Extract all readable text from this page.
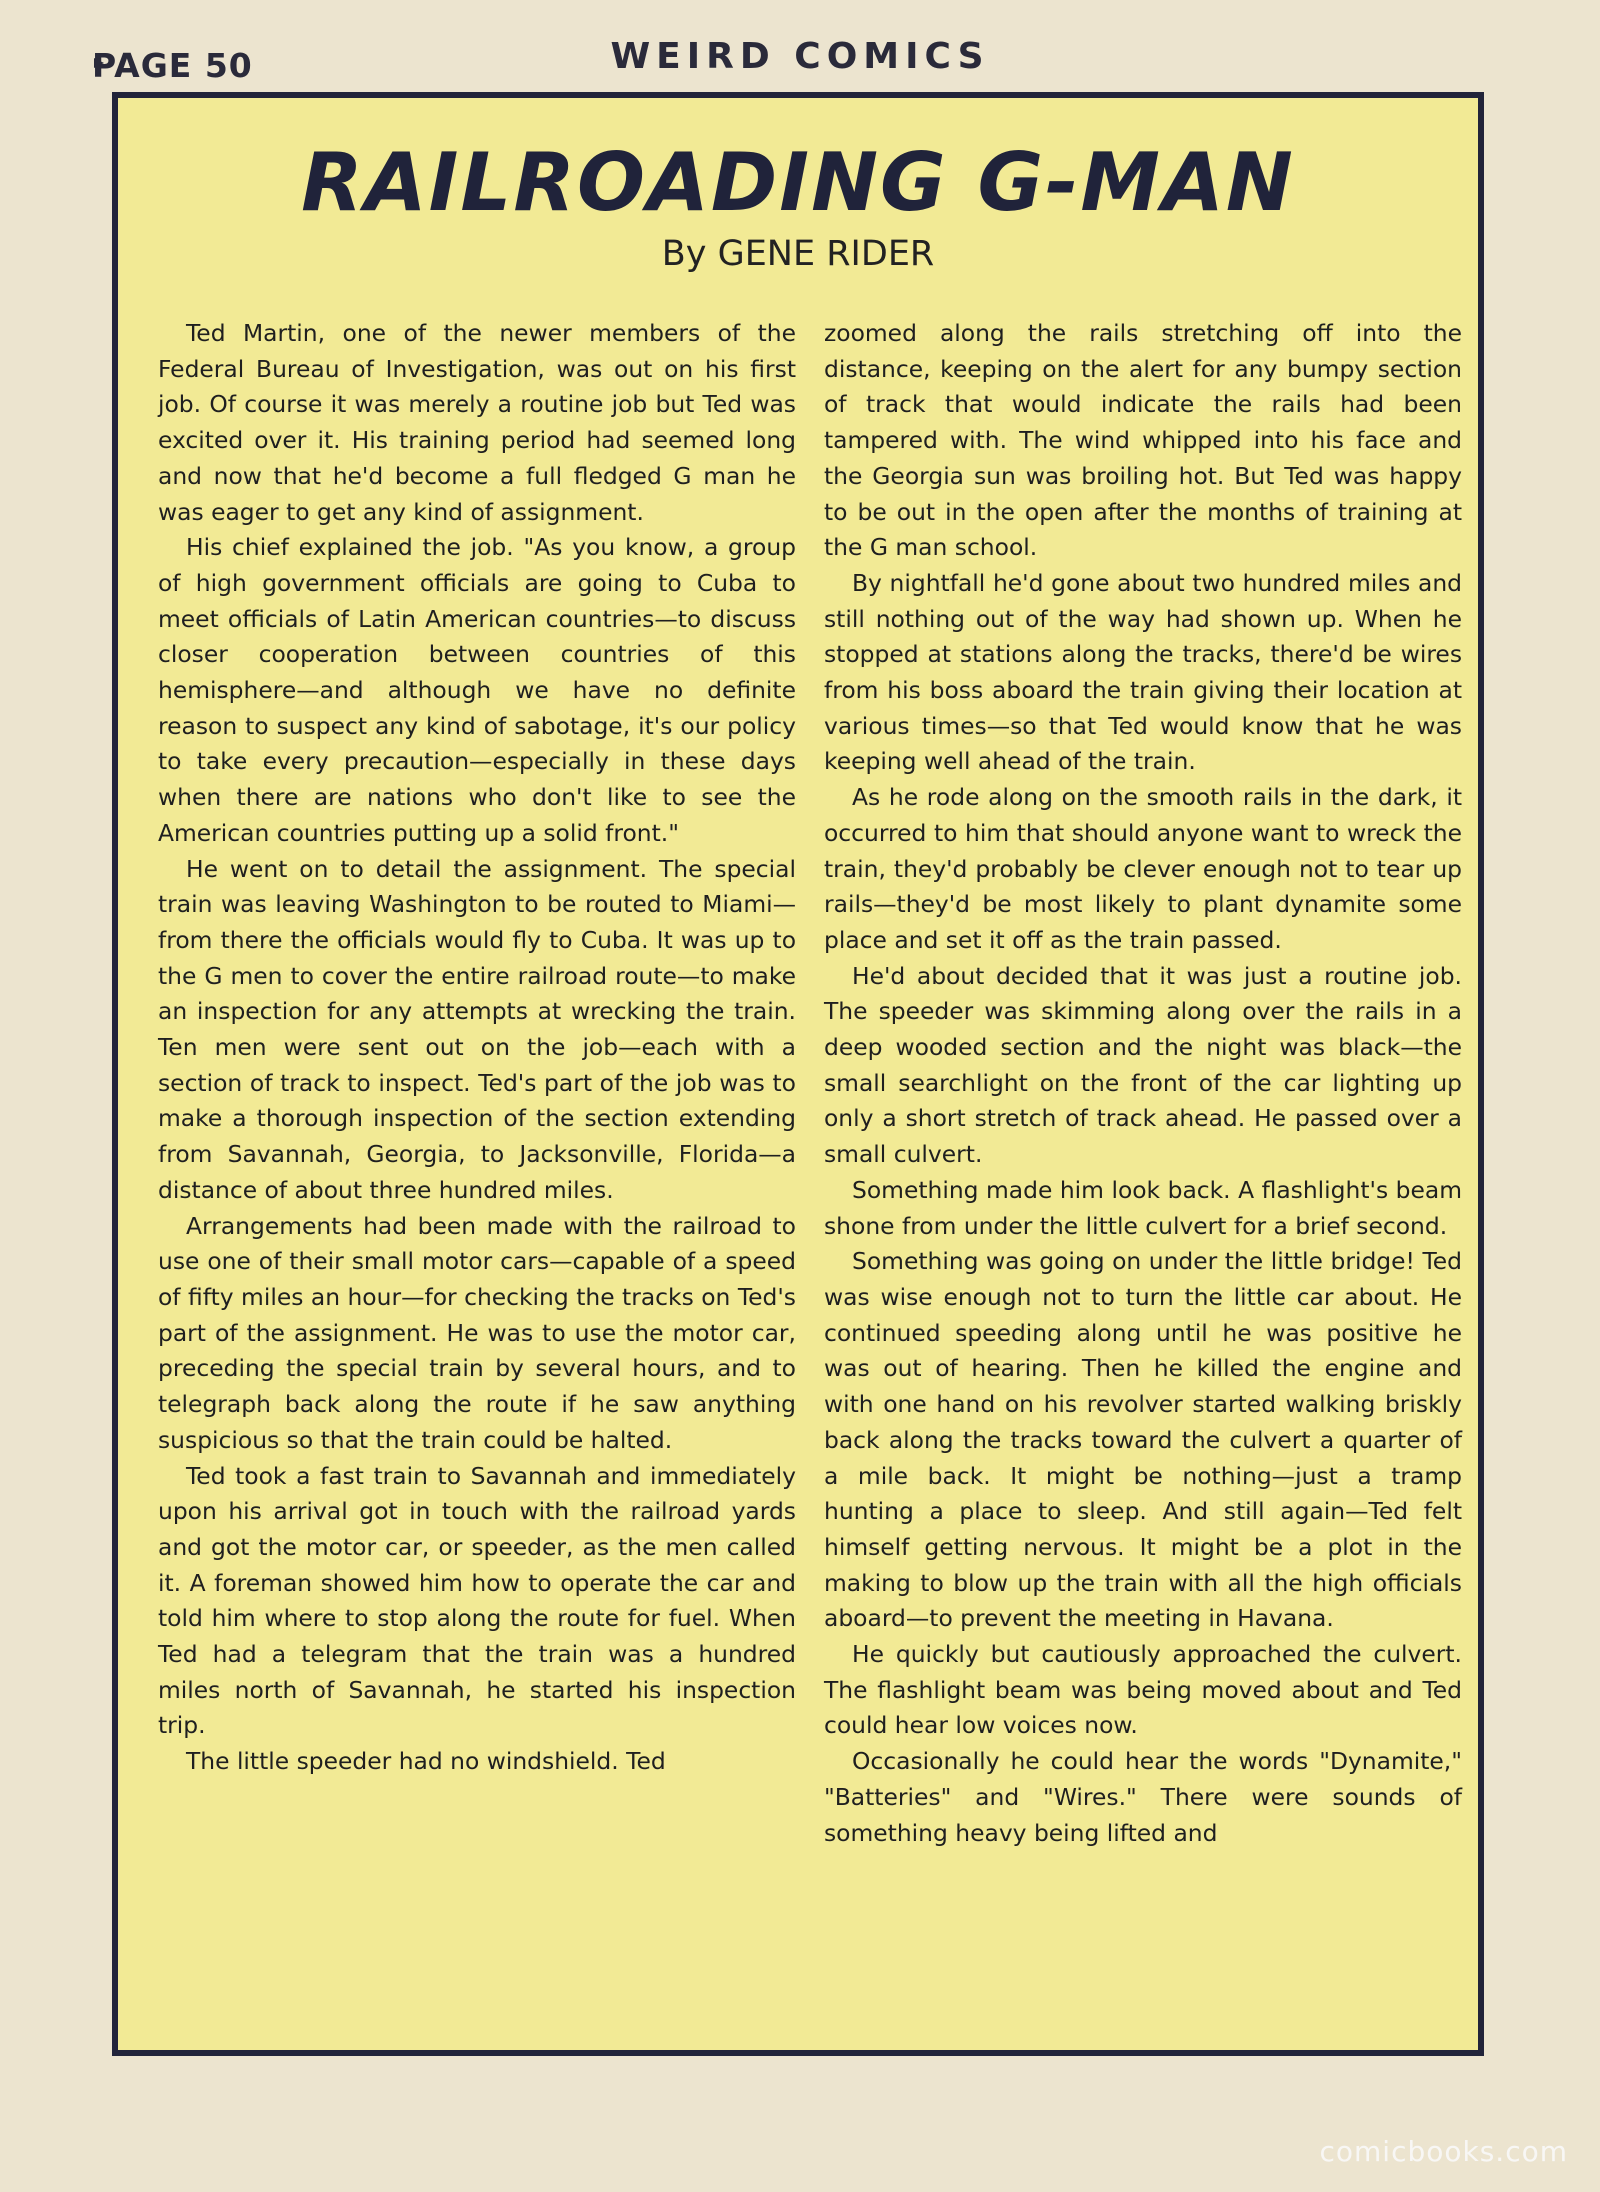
PAGE 50	WEIRD COMICS
RAILROADING G-MAN
By GENE RIDER

Ted Martin, one of the newer members of the Federal Bureau of Investigation, was out on his first job. Of course it was merely a routine job but Ted was excited over it. His training period had seemed long and now that he'd become a full fledged G man he was eager to get any kind of assignment.

His chief explained the job. "As you know, a group of high government officials are going to Cuba to meet officials of Latin American countries—to discuss closer cooperation between countries of this hemisphere—and although we have no definite reason to suspect any kind of sabotage, it's our policy to take every precaution—especially in these days when there are nations who don't like to see the American countries putting up a solid front."

He went on to detail the assignment. The special train was leaving Washington to be routed to Miami—from there the officials would fly to Cuba. It was up to the G men to cover the entire railroad route—to make an inspection for any attempts at wrecking the train. Ten men were sent out on the job—each with a section of track to inspect. Ted's part of the job was to make a thorough inspection of the section extending from Savannah, Georgia, to Jacksonville, Florida—a distance of about three hundred miles.

Arrangements had been made with the railroad to use one of their small motor cars—capable of a speed of fifty miles an hour—for checking the tracks on Ted's part of the assignment. He was to use the motor car, preceding the special train by several hours, and to telegraph back along the route if he saw anything suspicious so that the train could be halted.

Ted took a fast train to Savannah and immediately upon his arrival got in touch with the railroad yards and got the motor car, or speeder, as the men called it. A foreman showed him how to operate the car and told him where to stop along the route for fuel. When Ted had a telegram that the train was a hundred miles north of Savannah, he started his inspection trip.

The little speeder had no windshield. Ted

zoomed along the rails stretching off into the distance, keeping on the alert for any bumpy section of track that would indicate the rails had been tampered with. The wind whipped into his face and the Georgia sun was broiling hot. But Ted was happy to be out in the open after the months of training at the G man school.

By nightfall he'd gone about two hundred miles and still nothing out of the way had shown up. When he stopped at stations along the tracks, there'd be wires from his boss aboard the train giving their location at various times—so that Ted would know that he was keeping well ahead of the train.

As he rode along on the smooth rails in the dark, it occurred to him that should anyone want to wreck the train, they'd probably be clever enough not to tear up rails—they'd be most likely to plant dynamite some place and set it off as the train passed.

He'd about decided that it was just a routine job. The speeder was skimming along over the rails in a deep wooded section and the night was black—the small searchlight on the front of the car lighting up only a short stretch of track ahead. He passed over a small culvert.

Something made him look back. A flashlight's beam shone from under the little culvert for a brief second.

Something was going on under the little bridge! Ted was wise enough not to turn the little car about. He continued speeding along until he was positive he was out of hearing. Then he killed the engine and with one hand on his revolver started walking briskly back along the tracks toward the culvert a quarter of a mile back. It might be nothing—just a tramp hunting a place to sleep. And still again—Ted felt himself getting nervous. It might be a plot in the making to blow up the train with all the high officials aboard—to prevent the meeting in Havana.

He quickly but cautiously approached the culvert. The flashlight beam was being moved about and Ted could hear low voices now.

Occasionally he could hear the words "Dynamite," "Batteries" and "Wires." There were sounds of something heavy being lifted and

comicbooks.com
